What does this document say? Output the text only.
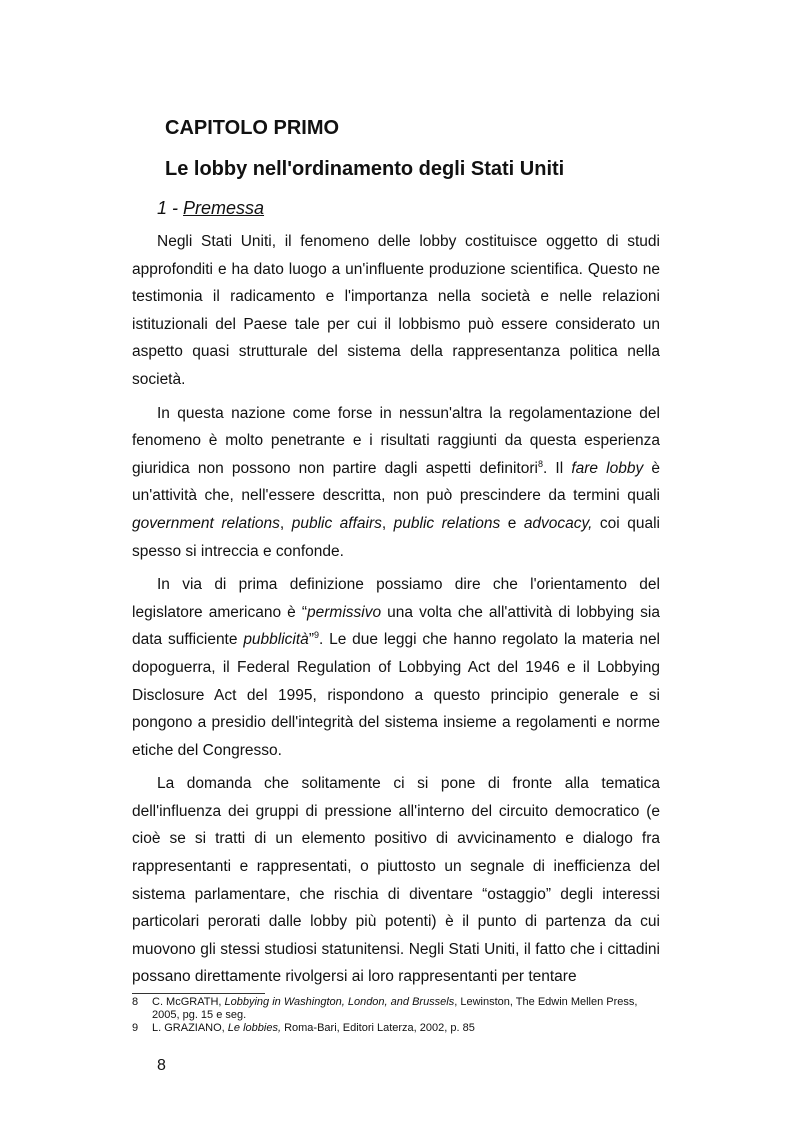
CAPITOLO PRIMO
Le lobby nell'ordinamento degli Stati Uniti
1 - Premessa

Negli Stati Uniti, il fenomeno delle lobby costituisce oggetto di studi approfonditi e ha dato luogo a un'influente produzione scientifica. Questo ne testimonia il radicamento e l'importanza nella società e nelle relazioni istituzionali del Paese tale per cui il lobbismo può essere considerato un aspetto quasi strutturale del sistema della rappresentanza politica nella società.

In questa nazione come forse in nessun'altra la regolamentazione del fenomeno è molto penetrante e i risultati raggiunti da questa esperienza giuridica non possono non partire dagli aspetti definitori$^8$. Il fare lobby è un'attività che, nell'essere descritta, non può prescindere da termini quali government relations, public affairs, public relations e advocacy, coi quali spesso si intreccia e confonde.

In via di prima definizione possiamo dire che l'orientamento del legislatore americano è “permissivo una volta che all'attività di lobbying sia data sufficiente pubblicità”$^9$. Le due leggi che hanno regolato la materia nel dopoguerra, il Federal Regulation of Lobbying Act del 1946 e il Lobbying Disclosure Act del 1995, rispondono a questo principio generale e si pongono a presidio dell'integrità del sistema insieme a regolamenti e norme etiche del Congresso.

La domanda che solitamente ci si pone di fronte alla tematica dell'influenza dei gruppi di pressione all'interno del circuito democratico (e cioè se si tratti di un elemento positivo di avvicinamento e dialogo fra rappresentanti e rappresentati, o piuttosto un segnale di inefficienza del sistema parlamentare, che rischia di diventare “ostaggio” degli interessi particolari perorati dalle lobby più potenti) è il punto di partenza da cui muovono gli stessi studiosi statunitensi. Negli Stati Uniti, il fatto che i cittadini possano direttamente rivolgersi ai loro rappresentanti per tentare

8 C. McGRATH, Lobbying in Washington, London, and Brussels, Lewinston, The Edwin Mellen Press, 2005, pg. 15 e seg.

9 L. GRAZIANO, Le lobbies, Roma-Bari, Editori Laterza, 2002, p. 85

8
